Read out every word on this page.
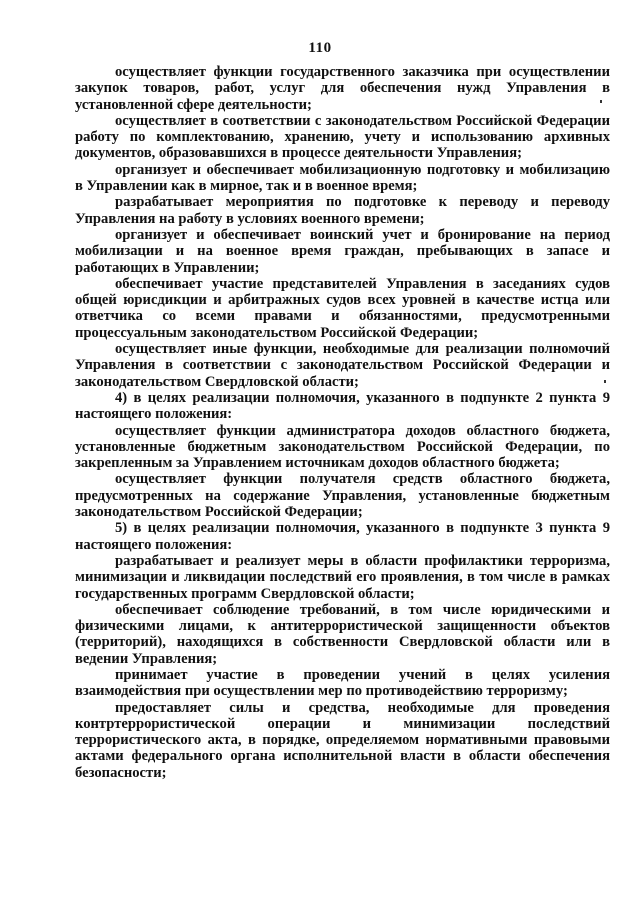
110

осуществляет функции государственного заказчика при осуществлении закупок товаров, работ, услуг для обеспечения нужд Управления в установленной сфере деятельности;

осуществляет в соответствии с законодательством Российской Федерации работу по комплектованию, хранению, учету и использованию архивных документов, образовавшихся в процессе деятельности Управления;

организует и обеспечивает мобилизационную подготовку и мобилизацию в Управлении как в мирное, так и в военное время;

разрабатывает мероприятия по подготовке к переводу и переводу Управления на работу в условиях военного времени;

организует и обеспечивает воинский учет и бронирование на период мобилизации и на военное время граждан, пребывающих в запасе и работающих в Управлении;

обеспечивает участие представителей Управления в заседаниях судов общей юрисдикции и арбитражных судов всех уровней в качестве истца или ответчика со всеми правами и обязанностями, предусмотренными процессуальным законодательством Российской Федерации;

осуществляет иные функции, необходимые для реализации полномочий Управления в соответствии с законодательством Российской Федерации и законодательством Свердловской области;

4) в целях реализации полномочия, указанного в подпункте 2 пункта 9 настоящего положения:

осуществляет функции администратора доходов областного бюджета, установленные бюджетным законодательством Российской Федерации, по закрепленным за Управлением источникам доходов областного бюджета;

осуществляет функции получателя средств областного бюджета, предусмотренных на содержание Управления, установленные бюджетным законодательством Российской Федерации;

5) в целях реализации полномочия, указанного в подпункте 3 пункта 9 настоящего положения:

разрабатывает и реализует меры в области профилактики терроризма, минимизации и ликвидации последствий его проявления, в том числе в рамках государственных программ Свердловской области;

обеспечивает соблюдение требований, в том числе юридическими и физическими лицами, к антитеррористической защищенности объектов (территорий), находящихся в собственности Свердловской области или в ведении Управления;

принимает участие в проведении учений в целях усиления взаимодействия при осуществлении мер по противодействию терроризму;

предоставляет силы и средства, необходимые для проведения контртеррористической операции и минимизации последствий террористического акта, в порядке, определяемом нормативными правовыми актами федерального органа исполнительной власти в области обеспечения безопасности;
